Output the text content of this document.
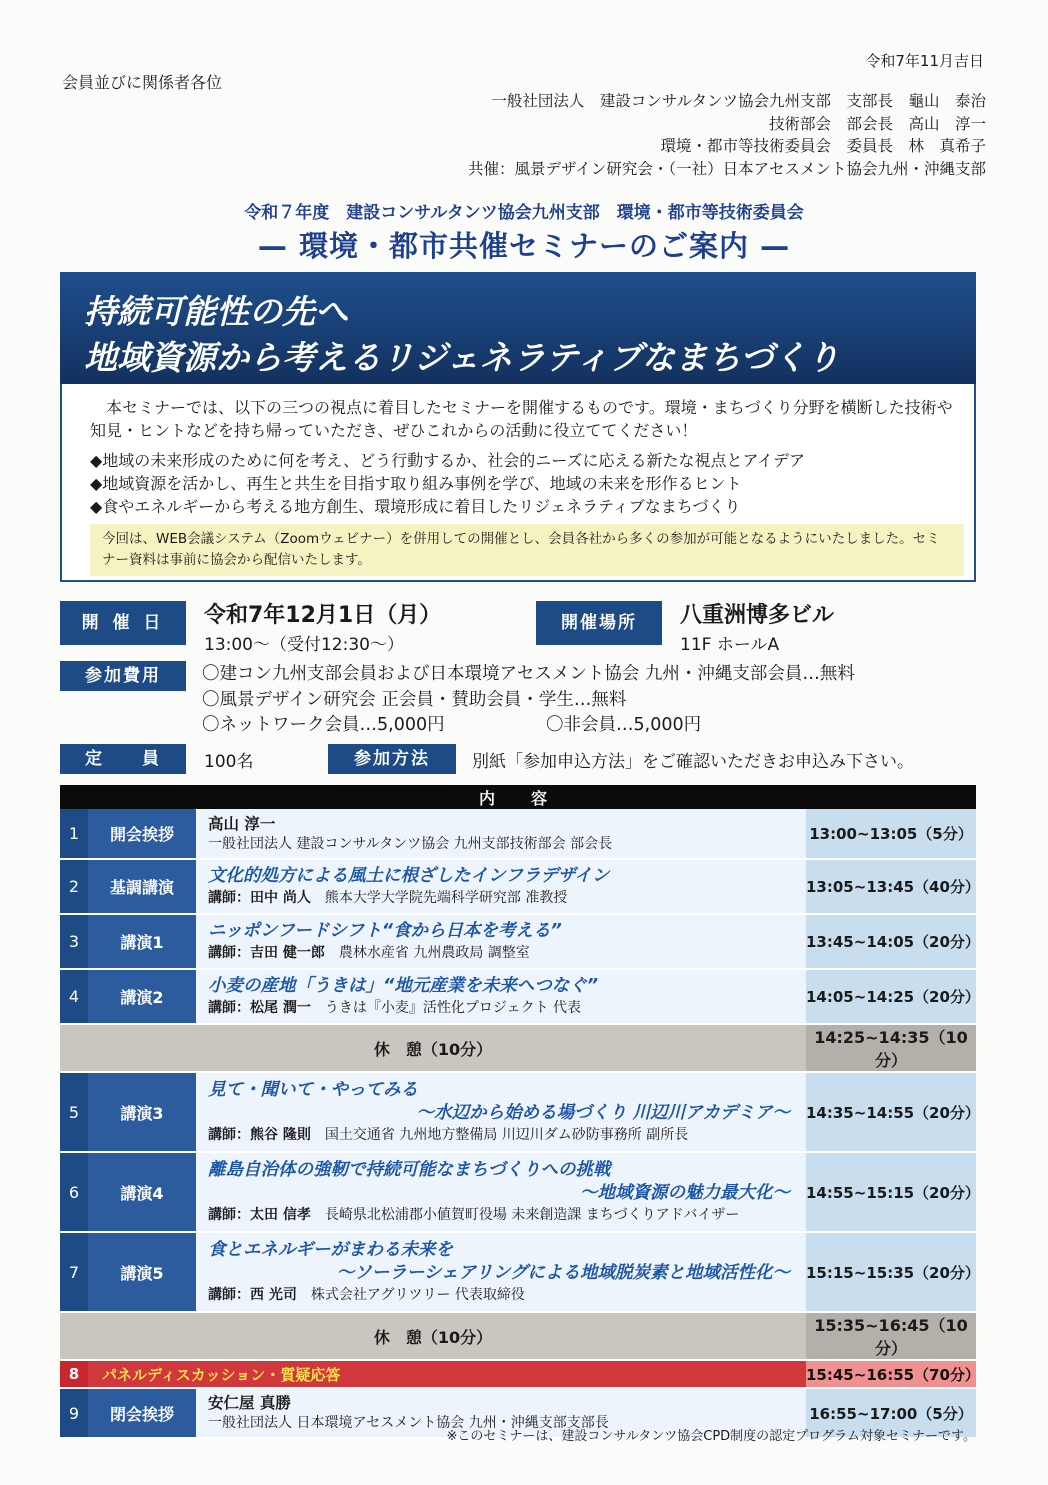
令和7年11月吉日
会員並びに関係者各位
一般社団法人　建設コンサルタンツ協会九州支部　支部長　龜山　泰治
技術部会　部会長　高山　淳一
環境・都市等技術委員会　委員長　林　真希子
共催：風景デザイン研究会・（一社）日本アセスメント協会九州・沖縄支部
令和７年度　建設コンサルタンツ協会九州支部　環境・都市等技術委員会
— 環境・都市共催セミナーのご案内 —
持続可能性の先へ
地域資源から考えるリジェネラティブなまちづくり
　本セミナーでは、以下の三つの視点に着目したセミナーを開催するものです。環境・まちづくり分野を横断した技術や知見・ヒントなどを持ち帰っていただき、ぜひこれからの活動に役立ててください！
◆地域の未来形成のために何を考え、どう行動するか、社会的ニーズに応える新たな視点とアイデア
◆地域資源を活かし、再生と共生を目指す取り組み事例を学び、地域の未来を形作るヒント
◆食やエネルギーから考える地方創生、環境形成に着目したリジェネラティブなまちづくり
今回は、WEB会議システム（Zoomウェビナー）を併用しての開催とし、会員各社から多くの参加が可能となるようにいたしました。セミナー資料は事前に協会から配信いたします。
開 催 日	令和7年12月1日（月）
13:00～（受付12:30～）
開催場所	八重洲博多ビル
11F ホールA
参加費用	〇建コン九州支部会員および日本環境アセスメント協会 九州・沖縄支部会員…無料
〇風景デザイン研究会 正会員・賛助会員・学生…無料
〇ネットワーク会員…5,000円	〇非会員…5,000円
定　　員	100名	参加方法	別紙「参加申込方法」をご確認いただきお申込み下さい。
内　容			
1	開会挨拶	高山 淳一
一般社団法人 建設コンサルタンツ協会 九州支部技術部会 部会長	13:00~13:05（5分）
2	基調講演	文化的処方による風土に根ざしたインフラデザイン
講師：田中 尚人 熊本大学大学院先端科学研究部 准教授	13:05~13:45（40分）
3	講演1	ニッポンフードシフト“食から日本を考える”
講師：吉田 健一郎 農林水産省 九州農政局 調整室	13:45~14:05（20分）
4	講演2	小麦の産地「うきは」“地元産業を未来へつなぐ”
講師：松尾 潤一 うきは『小麦』活性化プロジェクト 代表	14:05~14:25（20分）
休　憩（10分）			14:25~14:35（10分）
5	講演3	見て・聞いて・やってみる
～水辺から始める場づくり 川辺川アカデミア～
講師：熊谷 隆則 国土交通省 九州地方整備局 川辺川ダム砂防事務所 副所長	14:35~14:55（20分）
6	講演4	離島自治体の強靭で持続可能なまちづくりへの挑戦
～地域資源の魅力最大化～
講師：太田 信孝 長崎県北松浦郡小値賀町役場 未来創造課 まちづくりアドバイザー	14:55~15:15（20分）
7	講演5	食とエネルギーがまわる未来を
～ソーラーシェアリングによる地域脱炭素と地域活性化～
講師：西 光司 株式会社アグリツリー 代表取締役	15:15~15:35（20分）
休　憩（10分）			15:35~16:45（10分）
8	パネルディスカッション・質疑応答		15:45~16:55（70分）
9	閉会挨拶	安仁屋 真勝
一般社団法人 日本環境アセスメント協会 九州・沖縄支部支部長	16:55~17:00（5分）
※このセミナーは、建設コンサルタンツ協会CPD制度の認定プログラム対象セミナーです。
